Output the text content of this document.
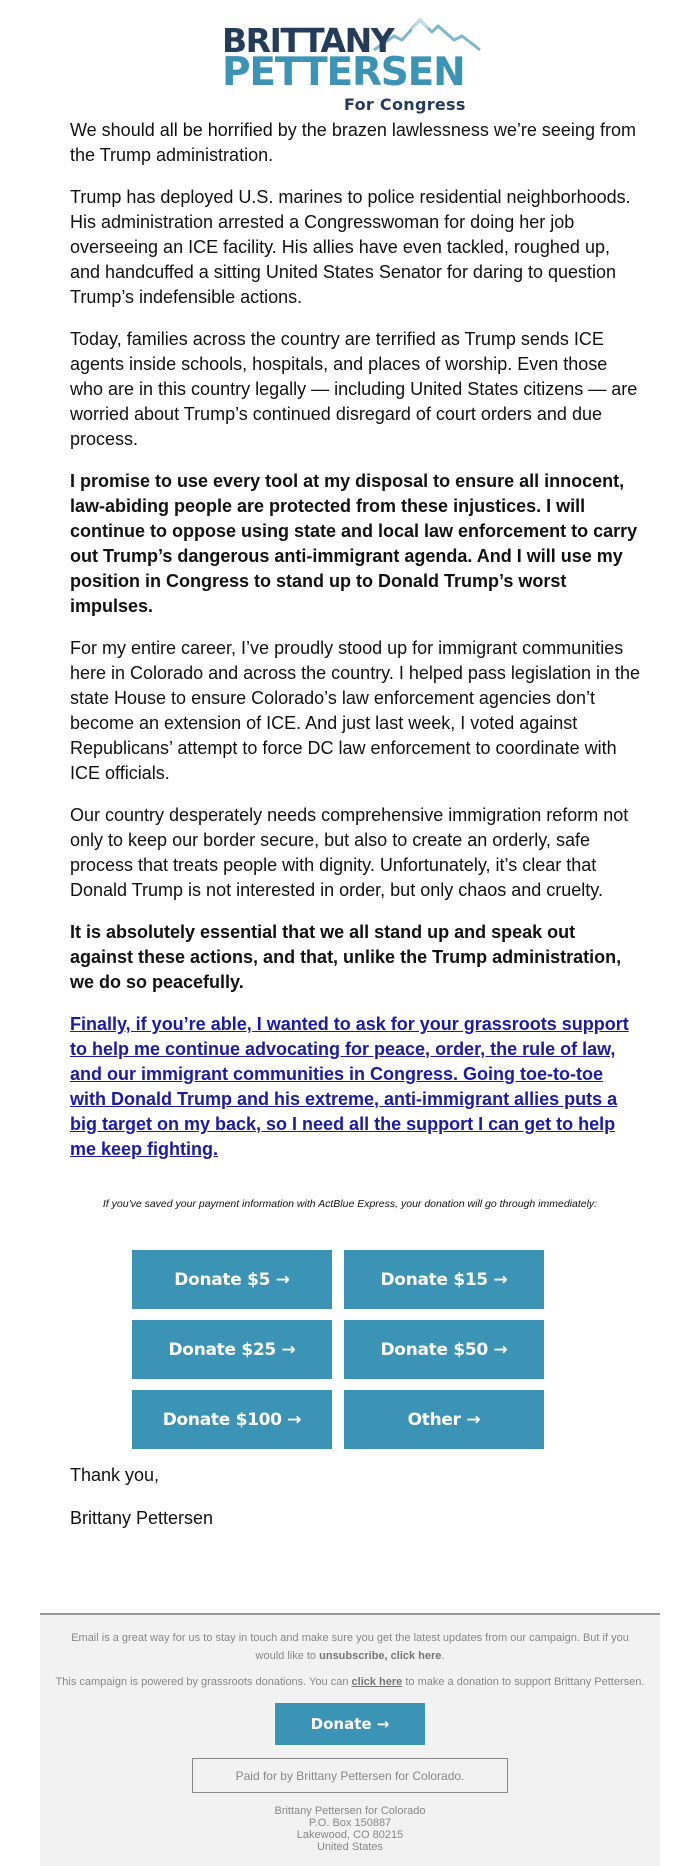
BRITTANY
PETTERSEN
For Congress

We should all be horrified by the brazen lawlessness we’re seeing from the Trump administration.

Trump has deployed U.S. marines to police residential neighborhoods. His administration arrested a Congresswoman for doing her job overseeing an ICE facility. His allies have even tackled, roughed up, and handcuffed a sitting United States Senator for daring to question Trump’s indefensible actions.

Today, families across the country are terrified as Trump sends ICE agents inside schools, hospitals, and places of worship. Even those who are in this country legally — including United States citizens — are worried about Trump’s continued disregard of court orders and due process.

I promise to use every tool at my disposal to ensure all innocent, law-abiding people are protected from these injustices. I will continue to oppose using state and local law enforcement to carry out Trump’s dangerous anti-immigrant agenda. And I will use my position in Congress to stand up to Donald Trump’s worst impulses.

For my entire career, I’ve proudly stood up for immigrant communities here in Colorado and across the country. I helped pass legislation in the state House to ensure Colorado’s law enforcement agencies don’t become an extension of ICE. And just last week, I voted against Republicans’ attempt to force DC law enforcement to coordinate with ICE officials.

Our country desperately needs comprehensive immigration reform not only to keep our border secure, but also to create an orderly, safe process that treats people with dignity. Unfortunately, it’s clear that Donald Trump is not interested in order, but only chaos and cruelty.

It is absolutely essential that we all stand up and speak out against these actions, and that, unlike the Trump administration, we do so peacefully.

Finally, if you’re able, I wanted to ask for your grassroots support to help me continue advocating for peace, order, the rule of law, and our immigrant communities in Congress. Going toe-to-toe with Donald Trump and his extreme, anti-immigrant allies puts a big target on my back, so I need all the support I can get to help me keep fighting.

If you've saved your payment information with ActBlue Express, your donation will go through immediately:
Donate $5 →	Donate $15 →
Donate $25 →	Donate $50 →
Donate $100 →	Other →
Thank you,
Brittany Pettersen
Email is a great way for us to stay in touch and make sure you get the latest updates from our campaign. But if you would like to unsubscribe, click here.
This campaign is powered by grassroots donations. You can click here to make a donation to support Brittany Pettersen.
Donate →
Paid for by Brittany Pettersen for Colorado.
Brittany Pettersen for Colorado
P.O. Box 150887
Lakewood, CO 80215
United States
